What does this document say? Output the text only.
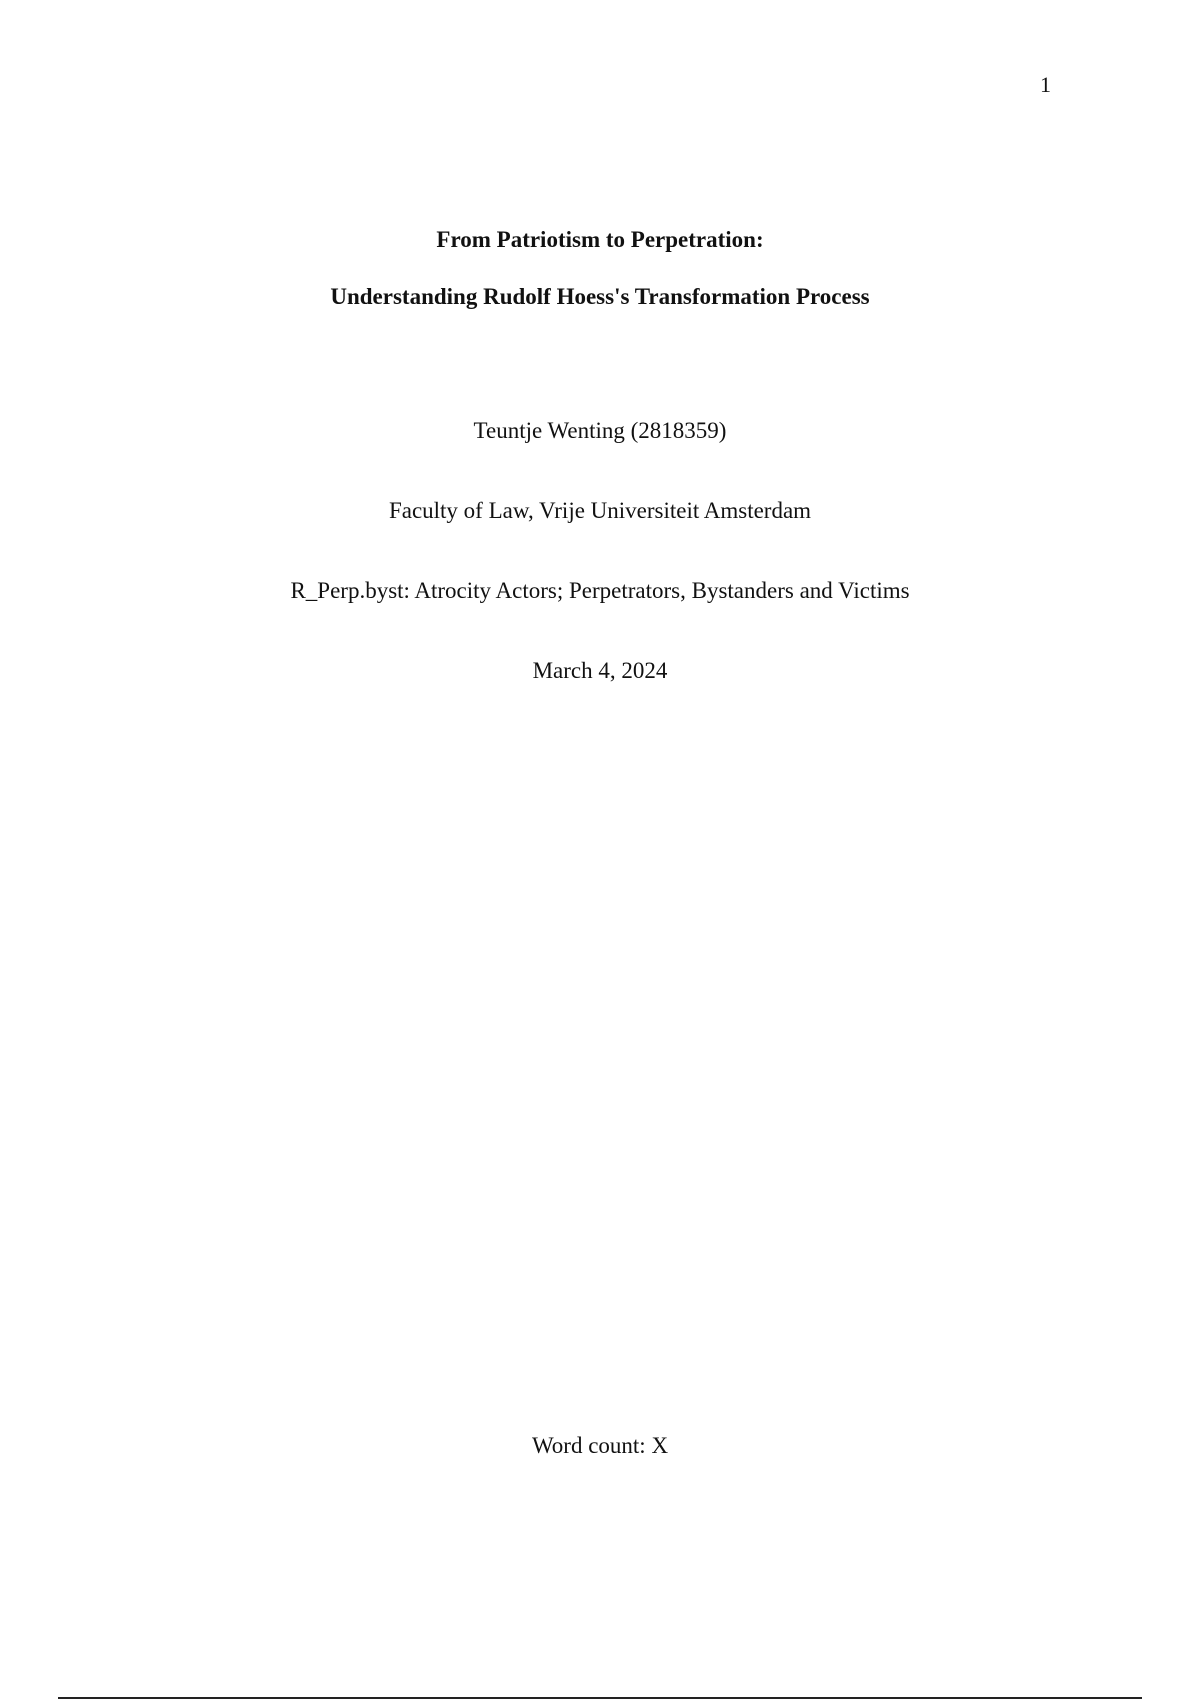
1
From Patriotism to Perpetration:
Understanding Rudolf Hoess's Transformation Process
Teuntje Wenting (2818359)
Faculty of Law, Vrije Universiteit Amsterdam
R_Perp.byst: Atrocity Actors; Perpetrators, Bystanders and Victims
March 4, 2024
Word count: X
